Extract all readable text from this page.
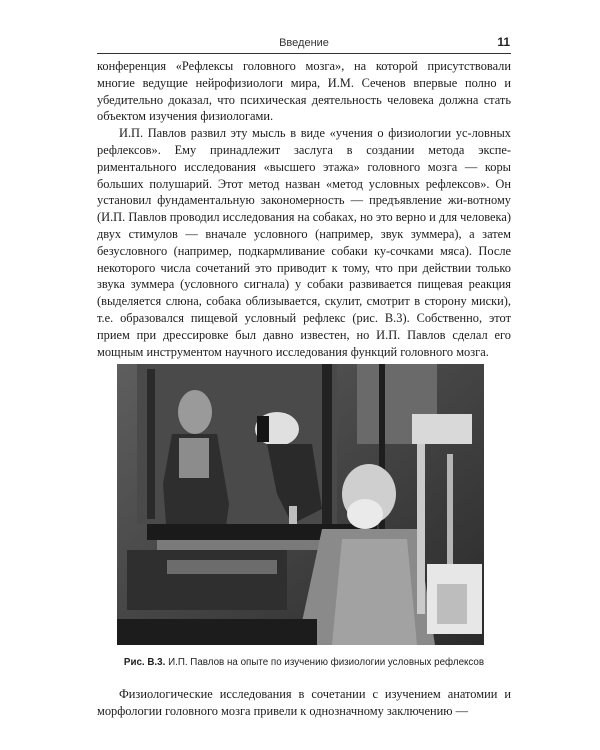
Введение	11

конференция «Рефлексы головного мозга», на которой присутствовали многие ведущие нейрофизиологи мира, И.М. Сеченов впервые полно и убедительно доказал, что психическая деятельность человека должна стать объектом изучения физиологами.

И.П. Павлов развил эту мысль в виде «учения о физиологии ус-ловных рефлексов». Ему принадлежит заслуга в создании метода экспе-риментального исследования «высшего этажа» головного мозга — коры больших полушарий. Этот метод назван «метод условных рефлексов». Он установил фундаментальную закономерность — предъявление жи-вотному (И.П. Павлов проводил исследования на собаках, но это верно и для человека) двух стимулов — вначале условного (например, звук зуммера), а затем безусловного (например, подкармливание собаки ку-сочками мяса). После некоторого числа сочетаний это приводит к тому, что при действии только звука зуммера (условного сигнала) у собаки развивается пищевая реакция (выделяется слюна, собака облизывается, скулит, смотрит в сторону миски), т.е. образовался пищевой условный рефлекс (рис. В.3). Собственно, этот прием при дрессировке был давно известен, но И.П. Павлов сделал его мощным инструментом научного исследования функций головного мозга.

Рис. В.3. И.П. Павлов на опыте по изучению физиологии условных рефлексов

Физиологические исследования в сочетании с изучением анатомии и морфологии головного мозга привели к однозначному заключению —
